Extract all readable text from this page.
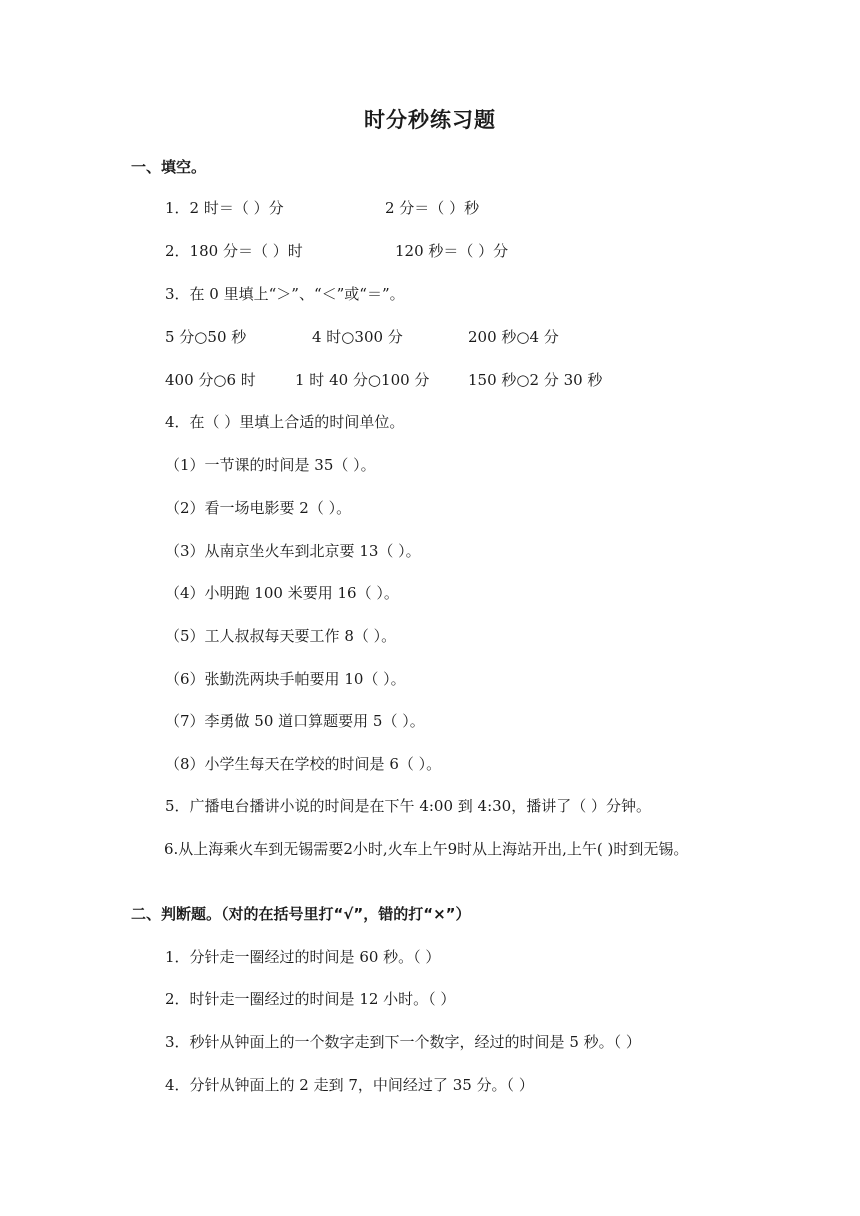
时分秒练习题
一、填空。
1．2 时＝（ ）分	2 分＝（ ）秒
2．180 分＝（ ）时	120 秒＝（ ）分
3．在 0 里填上“＞”、“＜”或“＝”。
5 分○50 秒	4 时○300 分	200 秒○4 分
400 分○6 时	1 时 40 分○100 分	150 秒○2 分 30 秒
4．在（ ）里填上合适的时间单位。
（1）一节课的时间是 35（ ）。
（2）看一场电影要 2（ ）。
（3）从南京坐火车到北京要 13（ ）。
（4）小明跑 100 米要用 16（ ）。
（5）工人叔叔每天要工作 8（ ）。
（6）张勤洗两块手帕要用 10（ ）。
（7）李勇做 50 道口算题要用 5（ ）。
（8）小学生每天在学校的时间是 6（ ）。
5．广播电台播讲小说的时间是在下午 4:00 到 4:30，播讲了（ ）分钟。
6.从上海乘火车到无锡需要2小时,火车上午9时从上海站开出,上午( )时到无锡。
二、判断题。（对的在括号里打“√”，错的打“×”）
1．分针走一圈经过的时间是 60 秒。（ ）
2．时针走一圈经过的时间是 12 小时。（ ）
3．秒针从钟面上的一个数字走到下一个数字，经过的时间是 5 秒。（ ）
4．分针从钟面上的 2 走到 7，中间经过了 35 分。（ ）
